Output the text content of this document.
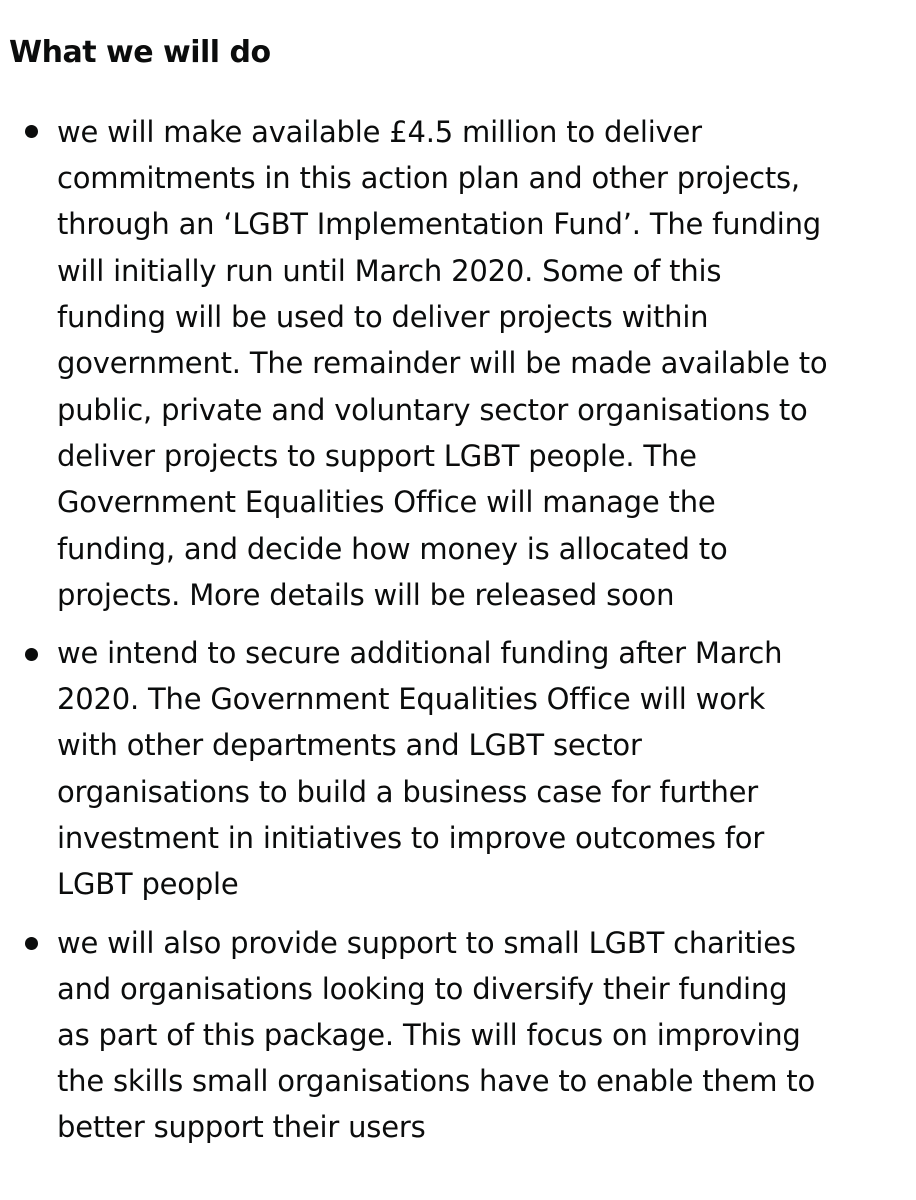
What we will do

we will make available £4.5 million to deliver

commitments in this action plan and other projects,

through an ‘LGBT Implementation Fund’. The funding

will initially run until March 2020. Some of this

funding will be used to deliver projects within

government. The remainder will be made available to

public, private and voluntary sector organisations to

deliver projects to support LGBT people. The

Government Equalities Office will manage the

funding, and decide how money is allocated to

projects. More details will be released soon

we intend to secure additional funding after March

2020. The Government Equalities Office will work

with other departments and LGBT sector

organisations to build a business case for further

investment in initiatives to improve outcomes for

LGBT people

we will also provide support to small LGBT charities

and organisations looking to diversify their funding

as part of this package. This will focus on improving

the skills small organisations have to enable them to

better support their users
